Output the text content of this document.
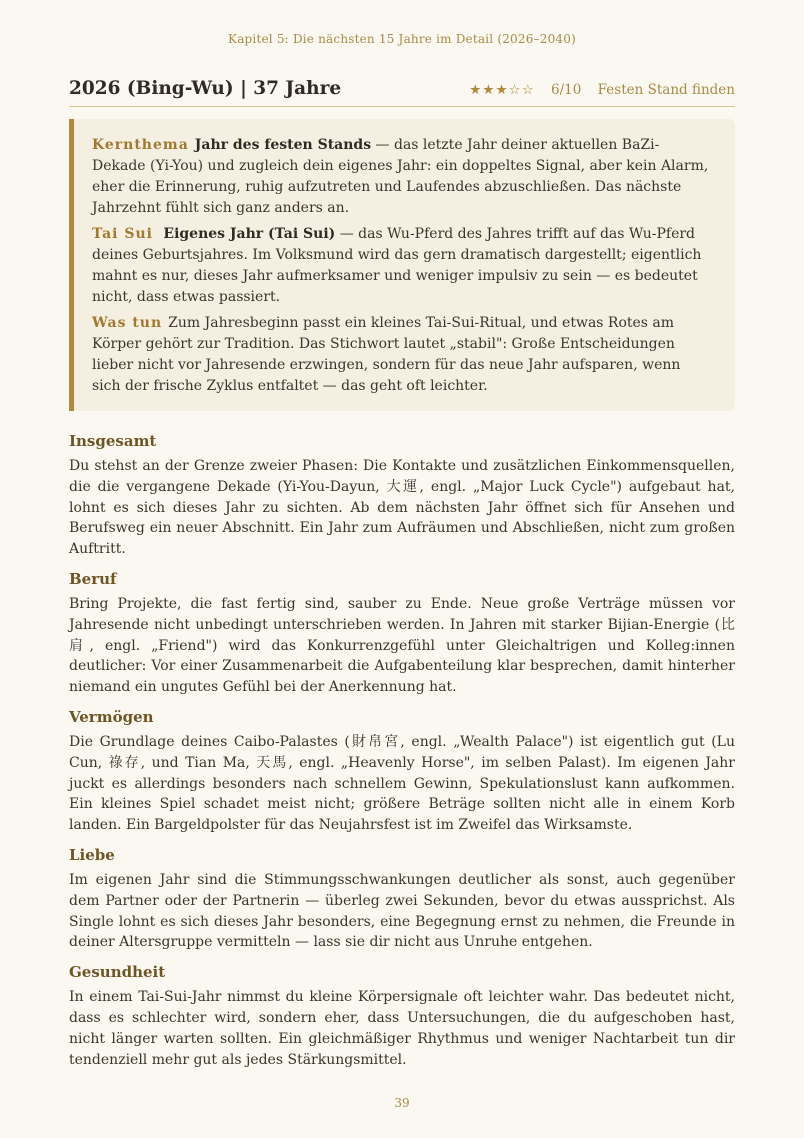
Kapitel 5: Die nächsten 15 Jahre im Detail (2026–2040)
2026 (Bing-Wu) | 37 Jahre	★★★☆☆ 6/10 Festen Stand finden

Kernthema Jahr des festen Stands — das letzte Jahr deiner aktuellen BaZi-Dekade (Yi-You) und zugleich dein eigenes Jahr: ein doppeltes Signal, aber kein Alarm, eher die Erinnerung, ruhig aufzutreten und Laufendes abzuschließen. Das nächste Jahrzehnt fühlt sich ganz anders an.

Tai Sui Eigenes Jahr (Tai Sui) — das Wu-Pferd des Jahres trifft auf das Wu-Pferd deines Geburtsjahres. Im Volksmund wird das gern dramatisch dargestellt; eigentlich mahnt es nur, dieses Jahr aufmerksamer und weniger impulsiv zu sein — es bedeutet nicht, dass etwas passiert.

Was tun Zum Jahresbeginn passt ein kleines Tai-Sui-Ritual, und etwas Rotes am Körper gehört zur Tradition. Das Stichwort lautet „stabil": Große Entscheidungen lieber nicht vor Jahresende erzwingen, sondern für das neue Jahr aufsparen, wenn sich der frische Zyklus entfaltet — das geht oft leichter.

Insgesamt

Du stehst an der Grenze zweier Phasen: Die Kontakte und zusätzlichen Einkommensquellen, die die vergangene Dekade (Yi-You-Dayun, 大運, engl. „Major Luck Cycle") aufgebaut hat, lohnt es sich dieses Jahr zu sichten. Ab dem nächsten Jahr öffnet sich für Ansehen und Berufsweg ein neuer Abschnitt. Ein Jahr zum Aufräumen und Abschließen, nicht zum großen Auftritt.

Beruf

Bring Projekte, die fast fertig sind, sauber zu Ende. Neue große Verträge müssen vor Jahresende nicht unbedingt unterschrieben werden. In Jahren mit starker Bijian-Energie (比肩, engl. „Friend") wird das Konkurrenzgefühl unter Gleichaltrigen und Kolleg:innen deutlicher: Vor einer Zusammenarbeit die Aufgabenteilung klar besprechen, damit hinterher niemand ein ungutes Gefühl bei der Anerkennung hat.

Vermögen

Die Grundlage deines Caibo-Palastes (財帛宮, engl. „Wealth Palace") ist eigentlich gut (Lu Cun, 祿存, und Tian Ma, 天馬, engl. „Heavenly Horse", im selben Palast). Im eigenen Jahr juckt es allerdings besonders nach schnellem Gewinn, Spekulationslust kann aufkommen. Ein kleines Spiel schadet meist nicht; größere Beträge sollten nicht alle in einem Korb landen. Ein Bargeldpolster für das Neujahrsfest ist im Zweifel das Wirksamste.

Liebe

Im eigenen Jahr sind die Stimmungsschwankungen deutlicher als sonst, auch gegenüber dem Partner oder der Partnerin — überleg zwei Sekunden, bevor du etwas aussprichst. Als Single lohnt es sich dieses Jahr besonders, eine Begegnung ernst zu nehmen, die Freunde in deiner Altersgruppe vermitteln — lass sie dir nicht aus Unruhe entgehen.

Gesundheit

In einem Tai-Sui-Jahr nimmst du kleine Körpersignale oft leichter wahr. Das bedeutet nicht, dass es schlechter wird, sondern eher, dass Untersuchungen, die du aufgeschoben hast, nicht länger warten sollten. Ein gleichmäßiger Rhythmus und weniger Nachtarbeit tun dir tendenziell mehr gut als jedes Stärkungsmittel.

39
